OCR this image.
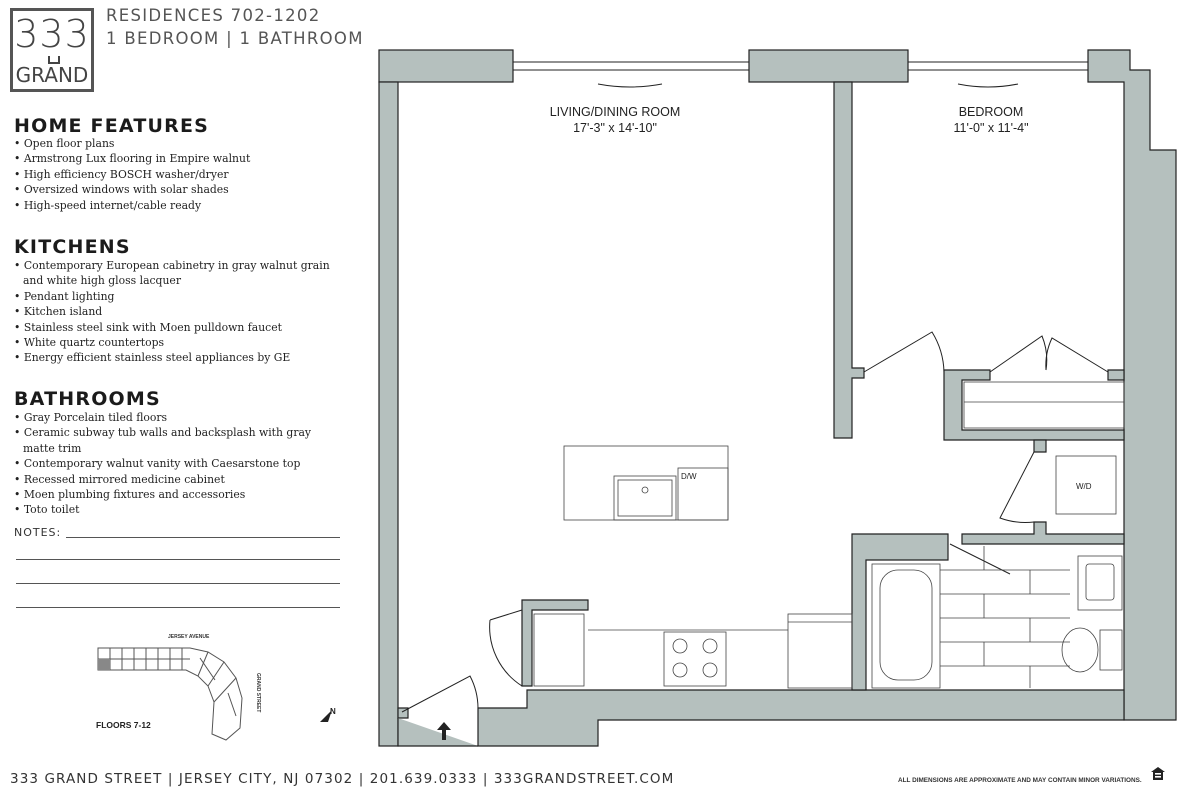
333
GRAND
RESIDENCES 702-1202
1 BEDROOM | 1 BATHROOM
HOME FEATURES
• Open floor plans
• Armstrong Lux flooring in Empire walnut
• High efficiency BOSCH washer/dryer
• Oversized windows with solar shades
• High-speed internet/cable ready
KITCHENS
• Contemporary European cabinetry in gray walnut grain and white high gloss lacquer
• Pendant lighting
• Kitchen island
• Stainless steel sink with Moen pulldown faucet
• White quartz countertops
• Energy efficient stainless steel appliances by GE
BATHROOMS
• Gray Porcelain tiled floors
• Ceramic subway tub walls and backsplash with gray matte trim
• Contemporary walnut vanity with Caesarstone top
• Recessed mirrored medicine cabinet
• Moen plumbing fixtures and accessories
• Toto toilet
NOTES:
JERSEY AVENUE
GRAND STREET	N
FLOORS 7-12
LIVING/DINING ROOM
17'-3" x 14'-10"
BEDROOM
11'-0" x 11'-4"
D/W
W/D
333 GRAND STREET | JERSEY CITY, NJ 07302 | 201.639.0333 | 333GRANDSTREET.COM	ALL DIMENSIONS ARE APPROXIMATE AND MAY CONTAIN MINOR VARIATIONS.
